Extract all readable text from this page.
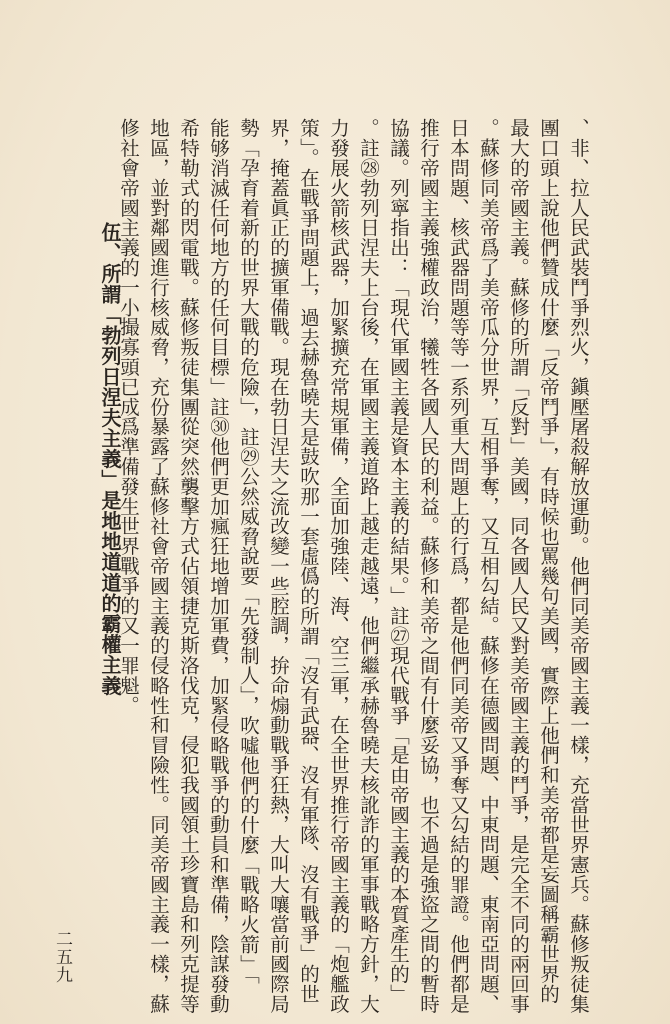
、非、拉人民武裝鬥爭烈火，鎭壓屠殺解放運動。他們同美帝國主義一樣，充當世界憲兵。蘇修叛徒集
團口頭上說他們贊成什麼「反帝鬥爭」，有時候也罵幾句美國，實際上他們和美帝都是妄圖稱霸世界的
最大的帝國主義。蘇修的所謂「反對」美國，同各國人民又對美帝國主義的鬥爭，是完全不同的兩回事
。蘇修同美帝爲了美帝瓜分世界，互相爭奪，又互相勾結。蘇修在德國問題、中東問題、東南亞問題、
日本問題、核武器問題等等一系列重大問題上的行爲，都是他們同美帝又爭奪又勾結的罪證。他們都是
推行帝國主義強權政治，犧牲各國人民的利益。蘇修和美帝之間有什麼妥協，也不過是強盜之間的暫時
協議。列寧指出：「現代軍國主義是資本主義的結果。」註㉗現代戰爭「是由帝國主義的本質產生的」
。註㉘勃列日涅夫上台後，在軍國主義道路上越走越遠，他們繼承赫魯曉夫核訛詐的軍事戰略方針，大
力發展火箭核武器，加緊擴充常規軍備，全面加強陸、海、空三軍，在全世界推行帝國主義的「炮艦政
策」。在戰爭問題上，過去赫魯曉夫是鼓吹那一套虛僞的所謂「沒有武器、沒有軍隊、沒有戰爭」的世
界，掩蓋眞正的擴軍備戰。現在勃日涅夫之流改變一些腔調，拚命煽動戰爭狂熱，大叫大嚷當前國際局
勢「孕育着新的世界大戰的危險」，註㉙公然威脅說要「先發制人」，吹噓他們的什麼「戰略火箭」「
能够消滅任何地方的任何目標」註㉚他們更加瘋狂地增加軍費，加緊侵略戰爭的動員和準備，陰謀發動
希特勒式的閃電戰。蘇修叛徒集團從突然襲擊方式佔領捷克斯洛伐克，侵犯我國領土珍寶島和列克提等
地區，並對鄰國進行核威脅，充份暴露了蘇修社會帝國主義的侵略性和冒險性。同美帝國主義一樣，蘇
修社會帝國主義的一小撮寡頭已成爲準備發生世界戰爭的又一罪魁。
伍、所謂「勃列日涅夫主義」是地地道道的霸權主義
二五九
